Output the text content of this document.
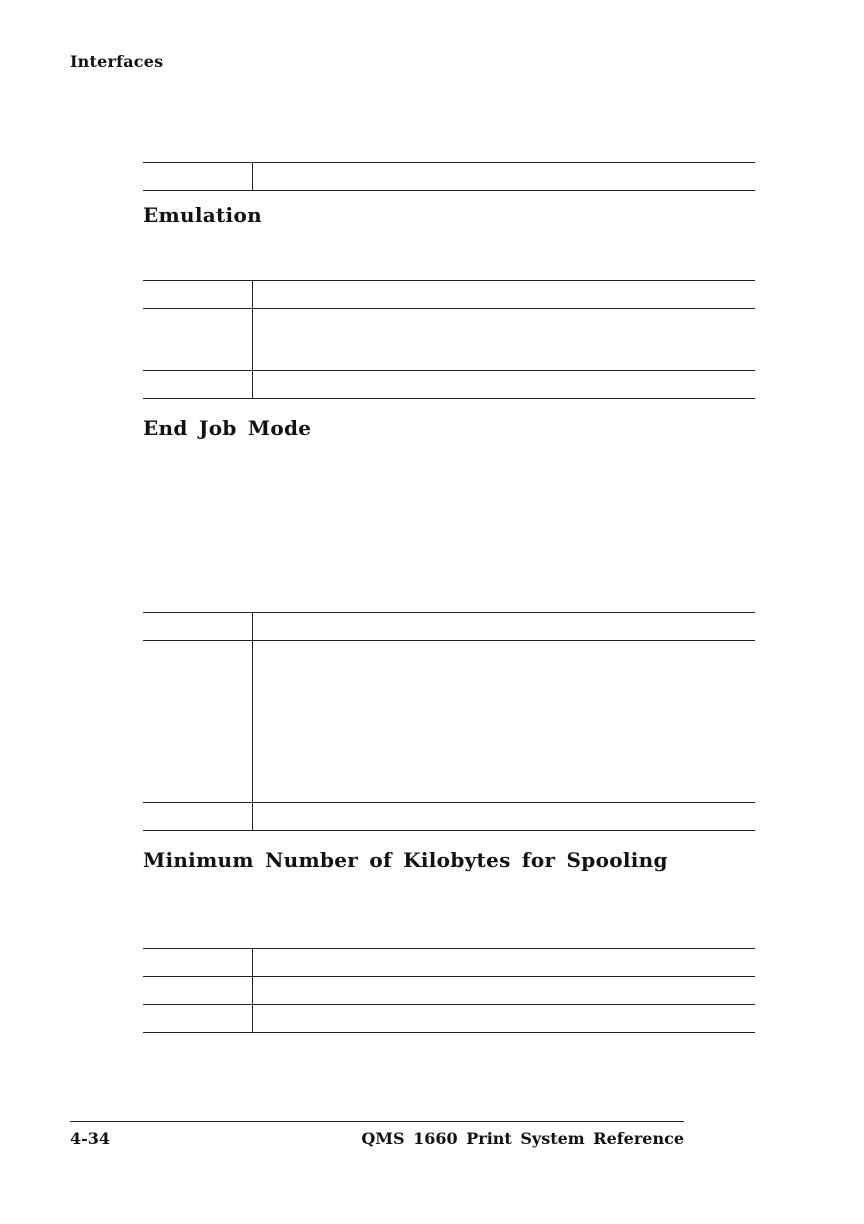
Interfaces
Emulation
End Job Mode
Minimum Number of Kilobytes for Spooling
4-34	QMS 1660 Print System Reference
